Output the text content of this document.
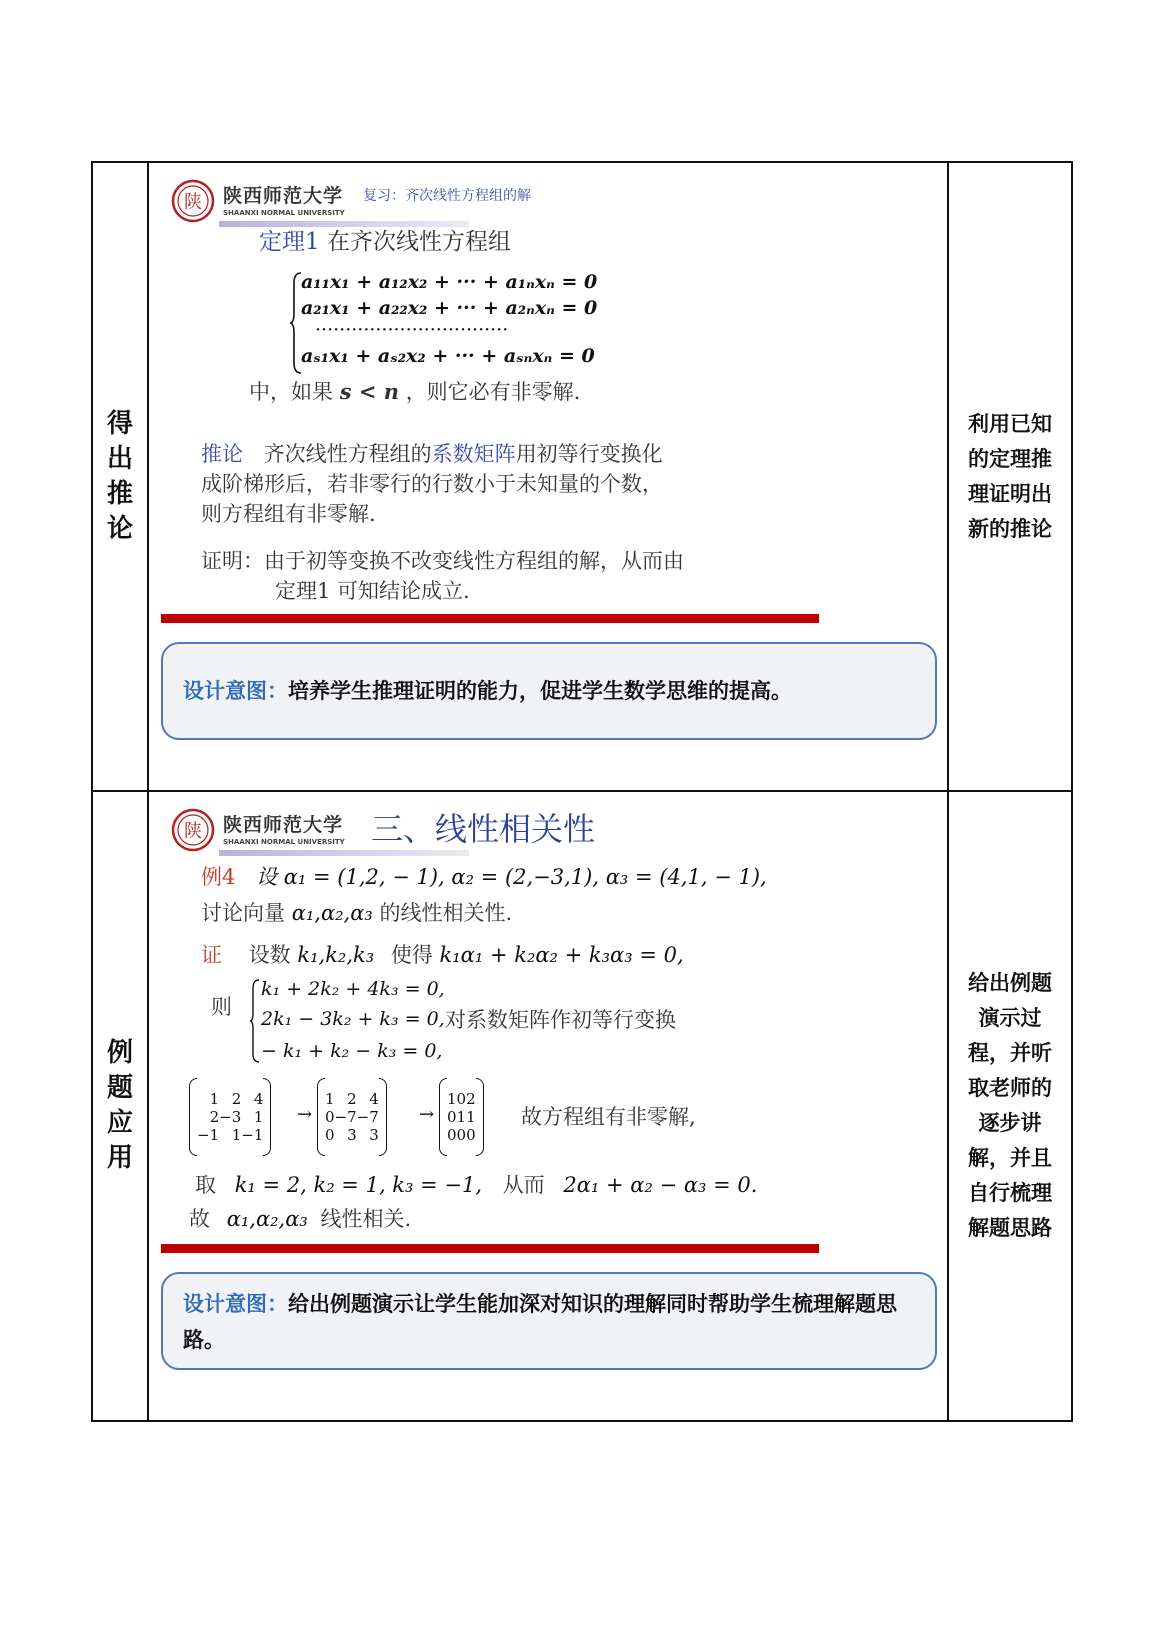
得
出
推
论

陕 陕西师范大学
SHAANXI NORMAL UNIVERSITY
复习：齐次线性方程组的解
定理1 在齐次线性方程组
a₁₁x₁ + a₁₂x₂ + ··· + a₁ₙxₙ = 0
a₂₁x₁ + a₂₂x₂ + ··· + a₂ₙxₙ = 0
································
aₛ₁x₁ + aₛ₂x₂ + ··· + aₛₙxₙ = 0
中，如果 s < n ，则它必有非零解.
推论 齐次线性方程组的系数矩阵用初等行变换化
成阶梯形后，若非零行的行数小于未知量的个数，
则方程组有非零解.
证明：由于初等变换不改变线性方程组的解，从而由
定理1 可知结论成立.
设计意图：培养学生推理证明的能力，促进学生数学思维的提高。

利用已知
的定理推
理证明出
新的推论

例
题
应
用

陕 陕西师范大学
SHAANXI NORMAL UNIVERSITY 三、线性相关性
例4 设 α₁ = (1,2, − 1), α₂ = (2,−3,1), α₃ = (4,1, − 1),
讨论向量 α₁,α₂,α₃ 的线性相关性.
证 设数 k₁,k₂,k₃ 使得 k₁α₁ + k₂α₂ + k₃α₃ = 0,
则
k₁ + 2k₂ + 4k₃ = 0,
2k₁ − 3k₂ + k₃ = 0,
− k₁ + k₂ − k₃ = 0,
对系数矩阵作初等行变换
1	2	4
2	−3	1
−1	1	−1
→
1	2	4
0	−7	−7
0	3	3
→
1	0	2
0	1	1
0	0	0
故方程组有非零解,
取 k₁ = 2, k₂ = 1, k₃ = −1, 从而 2α₁ + α₂ − α₃ = 0.
故 α₁,α₂,α₃ 线性相关.
设计意图：给出例题演示让学生能加深对知识的理解同时帮助学生梳理解题思路。

给出例题
演示过
程，并听
取老师的
逐步讲
解，并且
自行梳理
解题思路
